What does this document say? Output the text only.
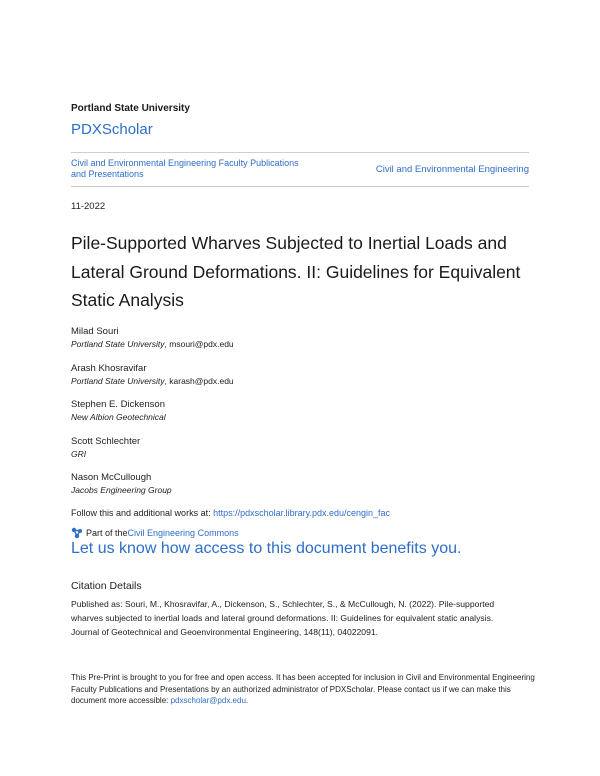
Portland State University
PDXScholar
Civil and Environmental Engineering Faculty Publications and Presentations	Civil and Environmental Engineering
11-2022
Pile-Supported Wharves Subjected to Inertial Loads and Lateral Ground Deformations. II: Guidelines for Equivalent Static Analysis
Milad Souri
Portland State University, msouri@pdx.edu
Arash Khosravifar
Portland State University, karash@pdx.edu
Stephen E. Dickenson
New Albion Geotechnical
Scott Schlechter
GRI
Nason McCullough
Jacobs Engineering Group
Follow this and additional works at: https://pdxscholar.library.pdx.edu/cengin_fac
Part of the Civil Engineering Commons
Let us know how access to this document benefits you.
Citation Details
Published as: Souri, M., Khosravifar, A., Dickenson, S., Schlechter, S., & McCullough, N. (2022). Pile-supported wharves subjected to inertial loads and lateral ground deformations. II: Guidelines for equivalent static analysis. Journal of Geotechnical and Geoenvironmental Engineering, 148(11), 04022091.
This Pre-Print is brought to you for free and open access. It has been accepted for inclusion in Civil and Environmental Engineering Faculty Publications and Presentations by an authorized administrator of PDXScholar. Please contact us if we can make this document more accessible: pdxscholar@pdx.edu.
